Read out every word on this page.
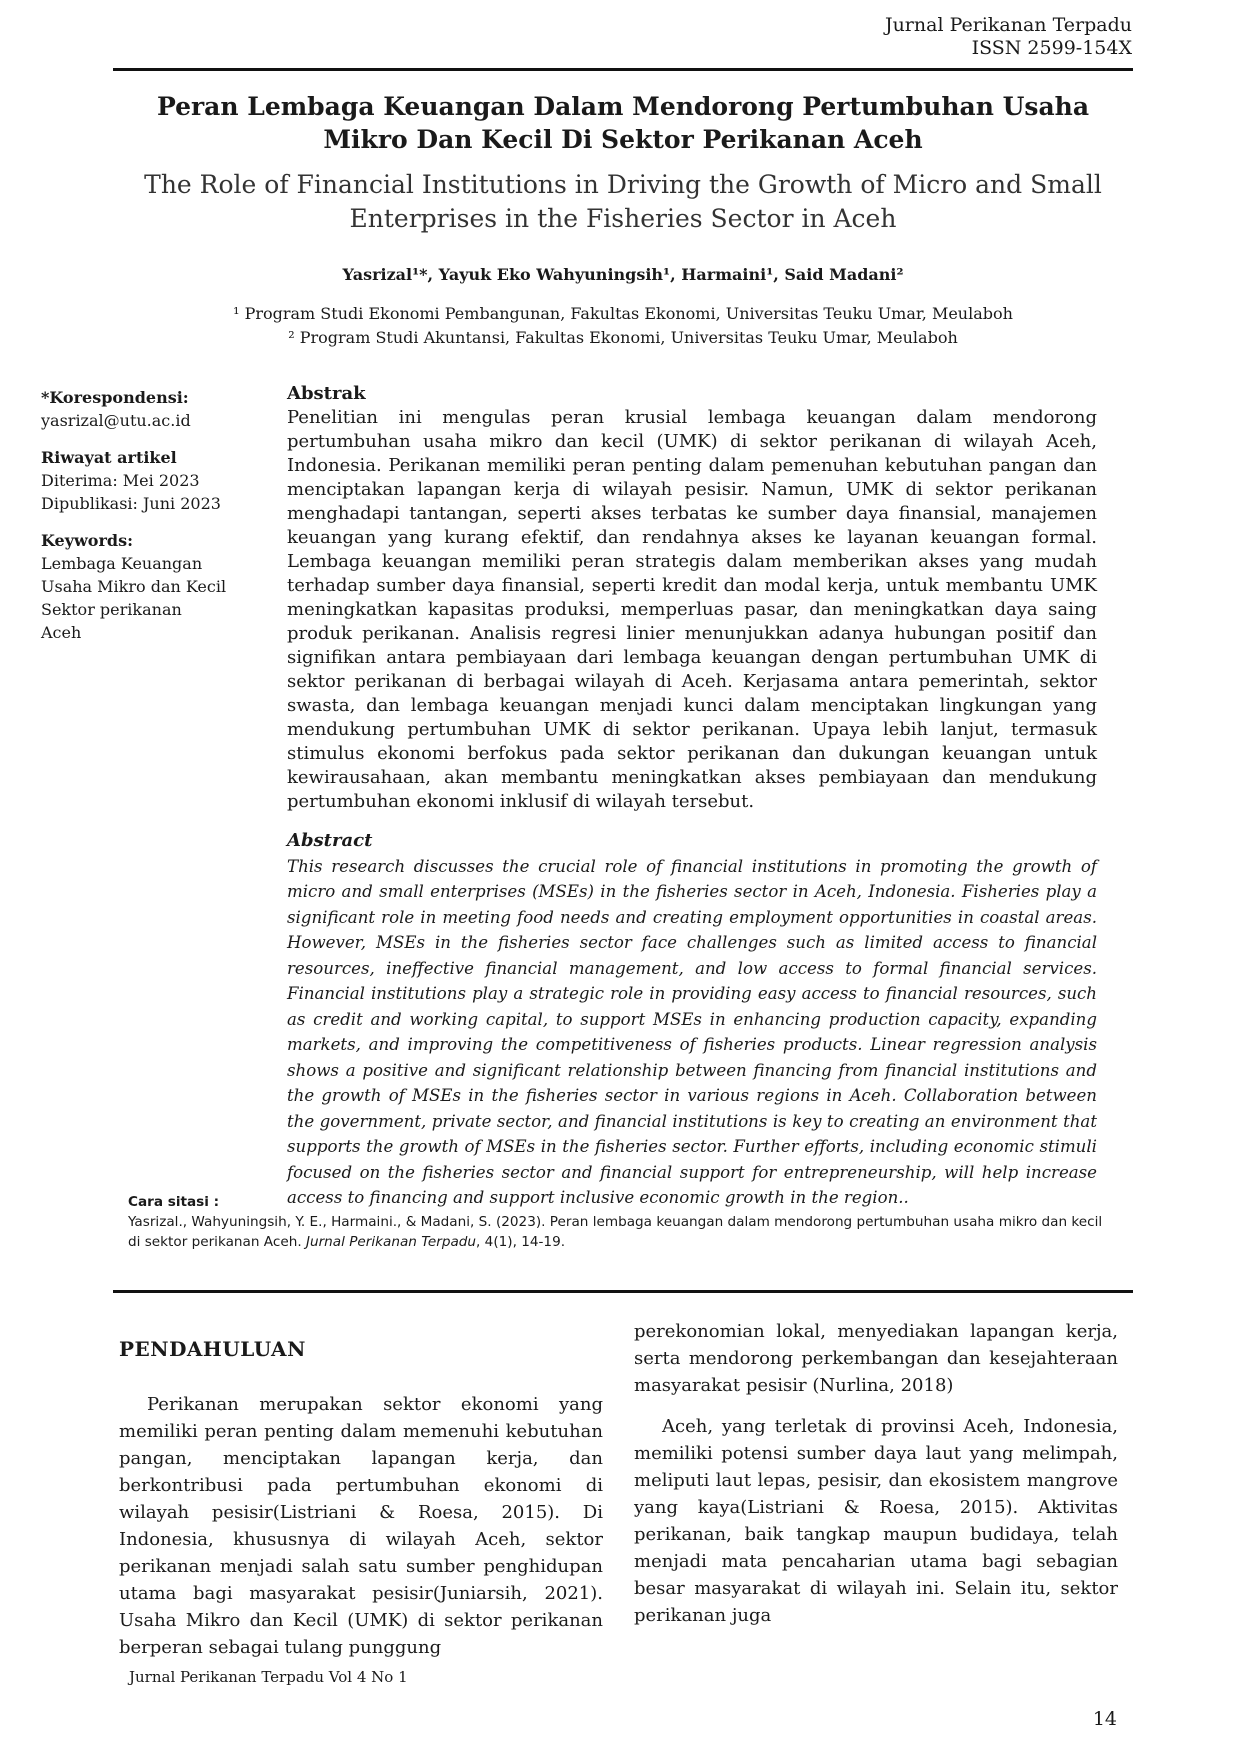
Jurnal Perikanan Terpadu
ISSN 2599-154X
Peran Lembaga Keuangan Dalam Mendorong Pertumbuhan Usaha Mikro Dan Kecil Di Sektor Perikanan Aceh
The Role of Financial Institutions in Driving the Growth of Micro and Small Enterprises in the Fisheries Sector in Aceh
Yasrizal¹*, Yayuk Eko Wahyuningsih¹, Harmaini¹, Said Madani²
¹ Program Studi Ekonomi Pembangunan, Fakultas Ekonomi, Universitas Teuku Umar, Meulaboh
² Program Studi Akuntansi, Fakultas Ekonomi, Universitas Teuku Umar, Meulaboh
*Korespondensi:
yasrizal@utu.ac.id
Riwayat artikel
Diterima: Mei 2023
Dipublikasi: Juni 2023
Keywords:
Lembaga Keuangan
Usaha Mikro dan Kecil
Sektor perikanan
Aceh
Abstrak

Penelitian ini mengulas peran krusial lembaga keuangan dalam mendorong pertumbuhan usaha mikro dan kecil (UMK) di sektor perikanan di wilayah Aceh, Indonesia. Perikanan memiliki peran penting dalam pemenuhan kebutuhan pangan dan menciptakan lapangan kerja di wilayah pesisir. Namun, UMK di sektor perikanan menghadapi tantangan, seperti akses terbatas ke sumber daya finansial, manajemen keuangan yang kurang efektif, dan rendahnya akses ke layanan keuangan formal. Lembaga keuangan memiliki peran strategis dalam memberikan akses yang mudah terhadap sumber daya finansial, seperti kredit dan modal kerja, untuk membantu UMK meningkatkan kapasitas produksi, memperluas pasar, dan meningkatkan daya saing produk perikanan. Analisis regresi linier menunjukkan adanya hubungan positif dan signifikan antara pembiayaan dari lembaga keuangan dengan pertumbuhan UMK di sektor perikanan di berbagai wilayah di Aceh. Kerjasama antara pemerintah, sektor swasta, dan lembaga keuangan menjadi kunci dalam menciptakan lingkungan yang mendukung pertumbuhan UMK di sektor perikanan. Upaya lebih lanjut, termasuk stimulus ekonomi berfokus pada sektor perikanan dan dukungan keuangan untuk kewirausahaan, akan membantu meningkatkan akses pembiayaan dan mendukung pertumbuhan ekonomi inklusif di wilayah tersebut.

Abstract

This research discusses the crucial role of financial institutions in promoting the growth of micro and small enterprises (MSEs) in the fisheries sector in Aceh, Indonesia. Fisheries play a significant role in meeting food needs and creating employment opportunities in coastal areas. However, MSEs in the fisheries sector face challenges such as limited access to financial resources, ineffective financial management, and low access to formal financial services. Financial institutions play a strategic role in providing easy access to financial resources, such as credit and working capital, to support MSEs in enhancing production capacity, expanding markets, and improving the competitiveness of fisheries products. Linear regression analysis shows a positive and significant relationship between financing from financial institutions and the growth of MSEs in the fisheries sector in various regions in Aceh. Collaboration between the government, private sector, and financial institutions is key to creating an environment that supports the growth of MSEs in the fisheries sector. Further efforts, including economic stimuli focused on the fisheries sector and financial support for entrepreneurship, will help increase access to financing and support inclusive economic growth in the region..

Cara sitasi :
Yasrizal., Wahyuningsih, Y. E., Harmaini., & Madani, S. (2023). Peran lembaga keuangan dalam mendorong pertumbuhan usaha mikro dan kecil di sektor perikanan Aceh. Jurnal Perikanan Terpadu, 4(1), 14-19.
PENDAHULUAN

Perikanan merupakan sektor ekonomi yang memiliki peran penting dalam memenuhi kebutuhan pangan, menciptakan lapangan kerja, dan berkontribusi pada pertumbuhan ekonomi di wilayah pesisir(Listriani & Roesa, 2015). Di Indonesia, khususnya di wilayah Aceh, sektor perikanan menjadi salah satu sumber penghidupan utama bagi masyarakat pesisir(Juniarsih, 2021). Usaha Mikro dan Kecil (UMK) di sektor perikanan berperan sebagai tulang punggung

perekonomian lokal, menyediakan lapangan kerja, serta mendorong perkembangan dan kesejahteraan masyarakat pesisir (Nurlina, 2018)

Aceh, yang terletak di provinsi Aceh, Indonesia, memiliki potensi sumber daya laut yang melimpah, meliputi laut lepas, pesisir, dan ekosistem mangrove yang kaya(Listriani & Roesa, 2015). Aktivitas perikanan, baik tangkap maupun budidaya, telah menjadi mata pencaharian utama bagi sebagian besar masyarakat di wilayah ini. Selain itu, sektor perikanan juga

Jurnal Perikanan Terpadu Vol 4 No 1
14
